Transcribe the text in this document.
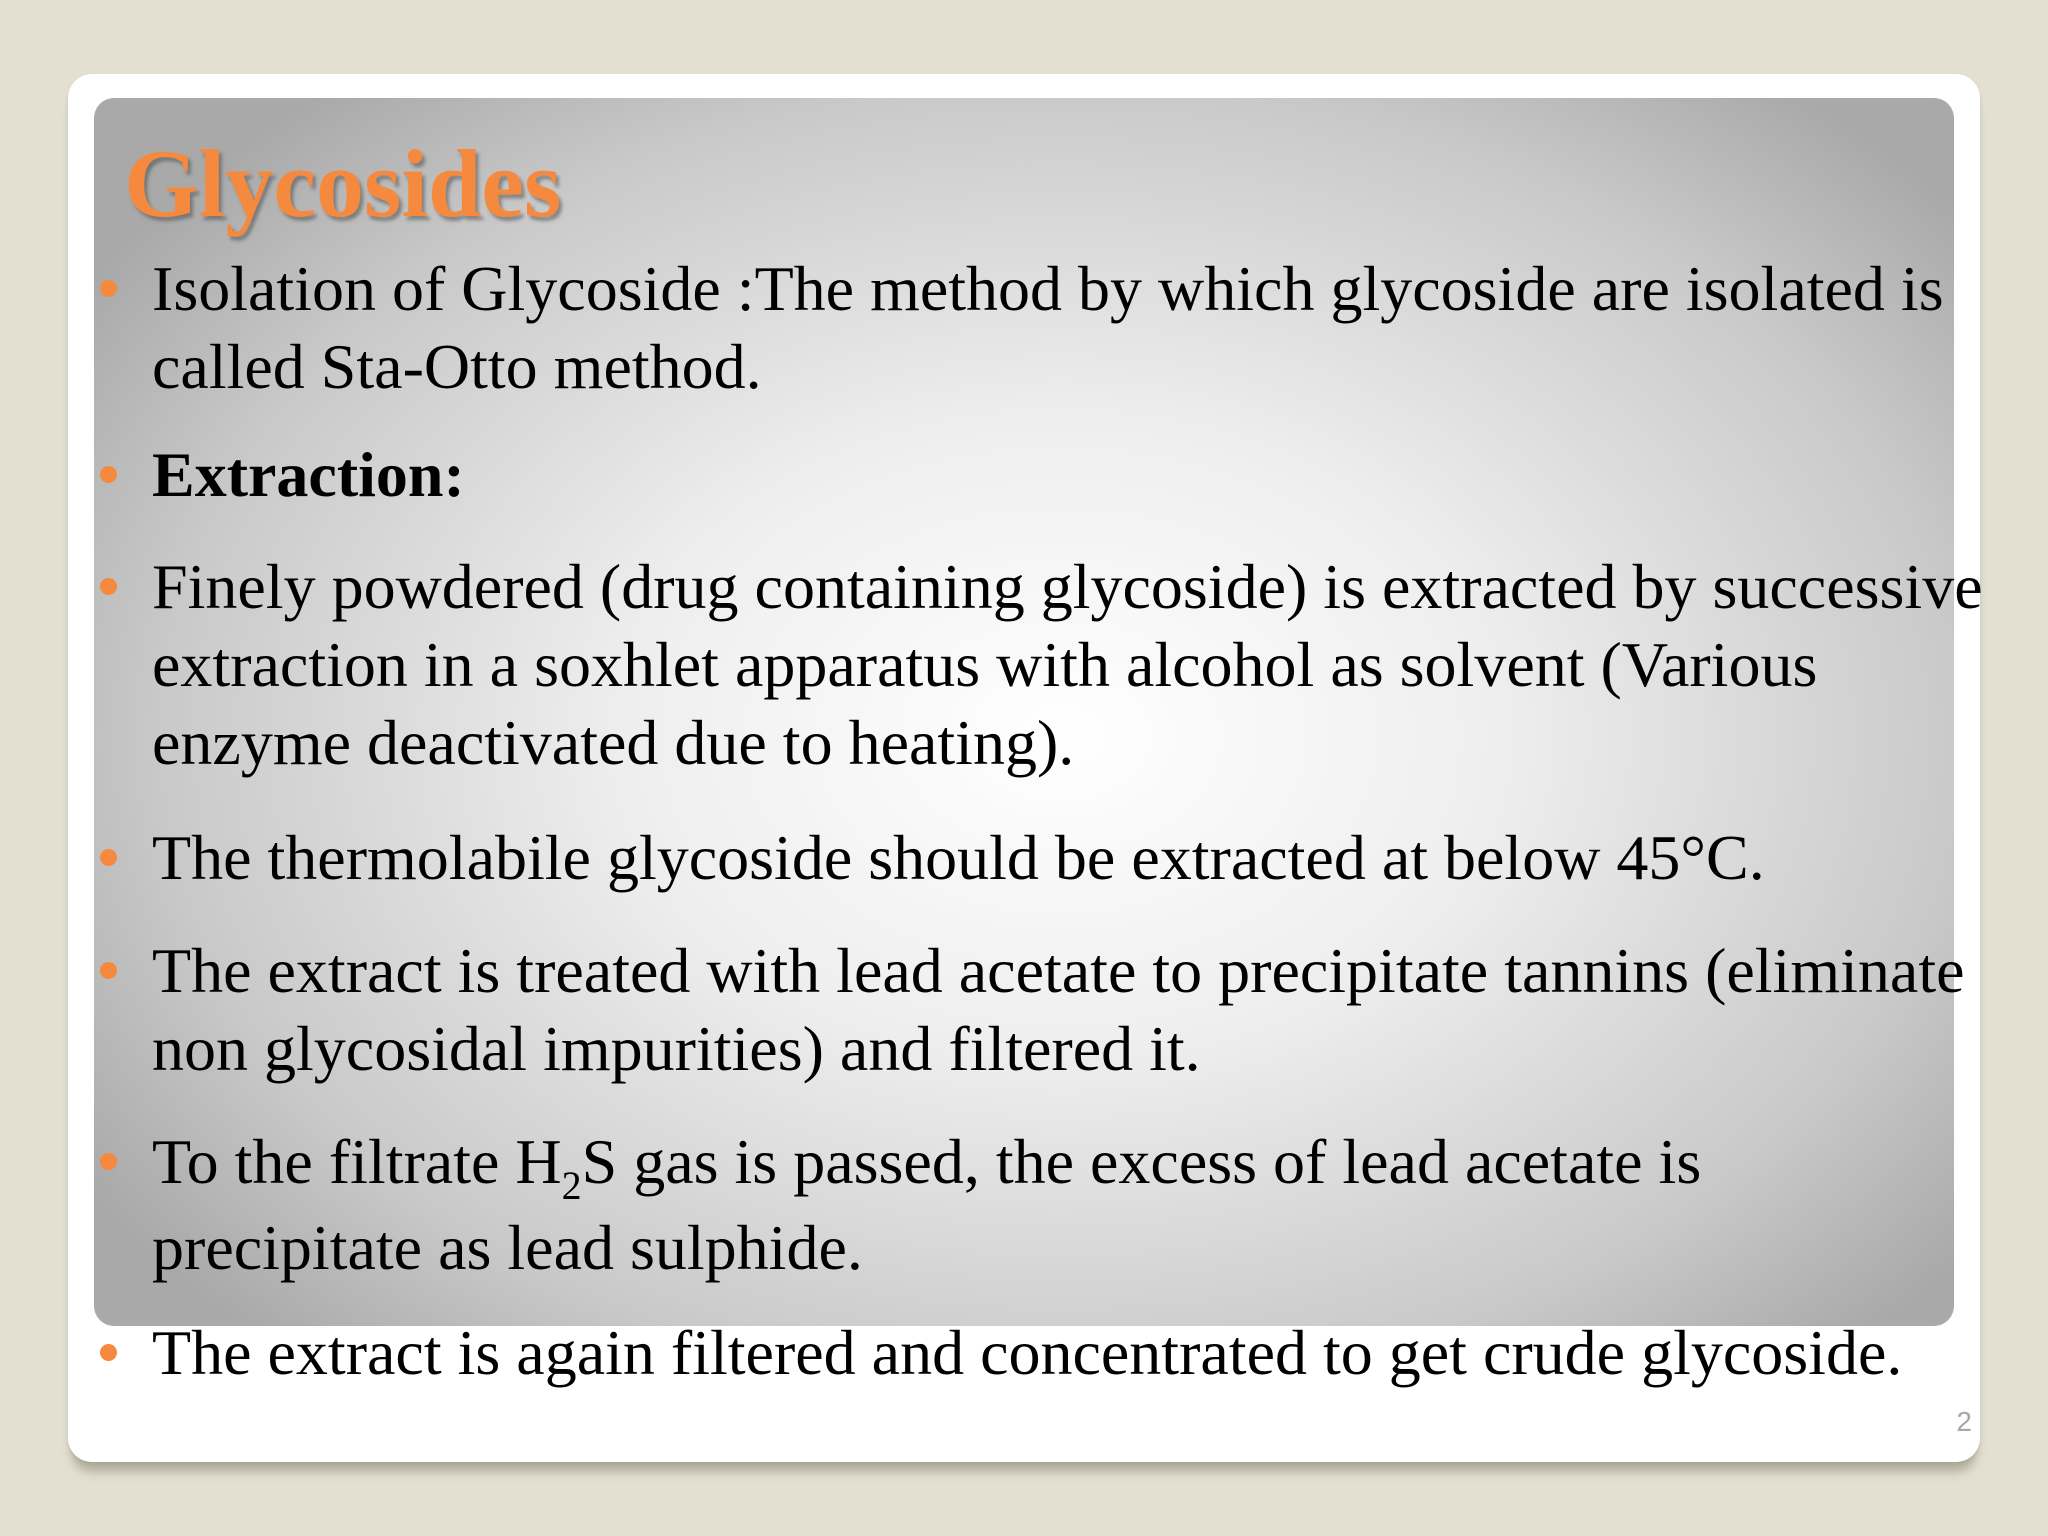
Glycosides
Isolation of Glycoside :The method by which glycoside are isolated is
called Sta-Otto method.
Extraction:
Finely powdered (drug containing glycoside) is extracted by successive
extraction in a soxhlet apparatus with alcohol as solvent (Various
enzyme deactivated due to heating).
The thermolabile glycoside should be extracted at below 45°C.
The extract is treated with lead acetate to precipitate tannins (eliminate
non glycosidal impurities) and filtered it.
To the filtrate $H_2S$ gas is passed, the excess of lead acetate is
precipitate as lead sulphide.
The extract is again filtered and concentrated to get crude glycoside.
2
